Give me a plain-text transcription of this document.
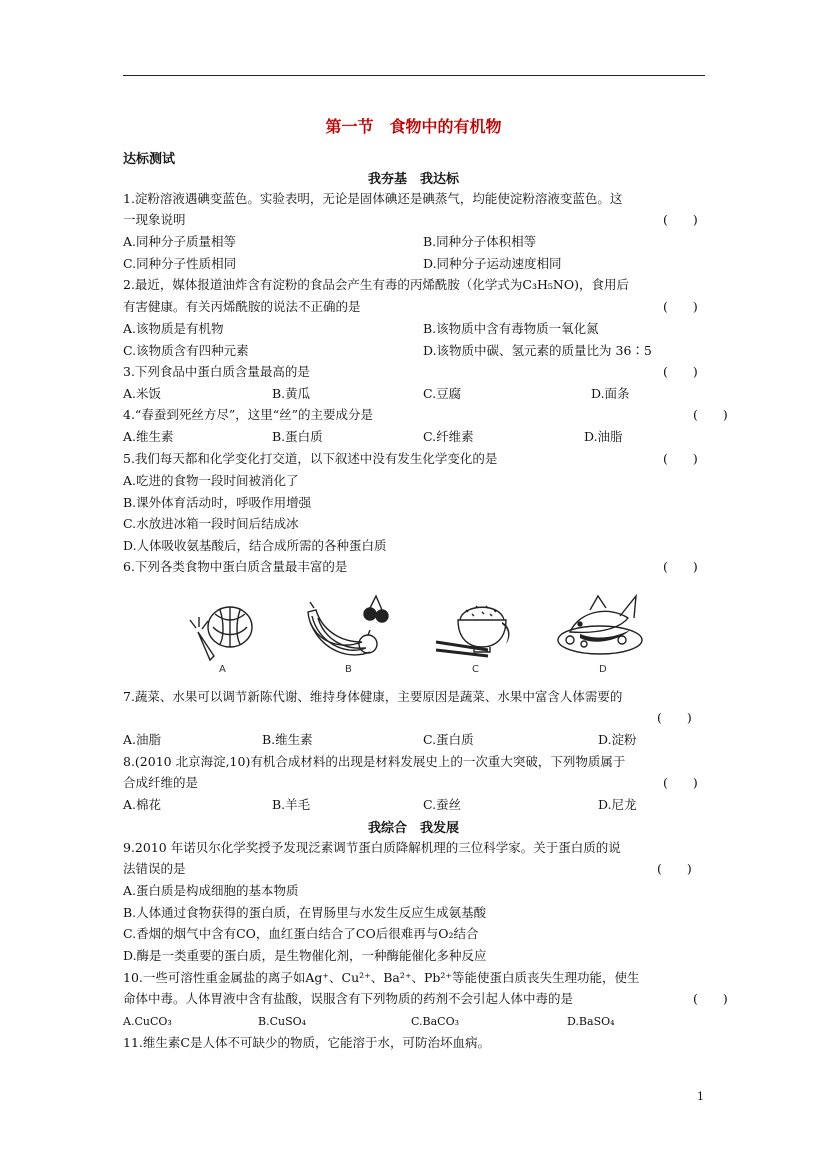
第一节　食物中的有机物
达标测试
我夯基　我达标
1.淀粉溶液遇碘变蓝色。实验表明，无论是固体碘还是碘蒸气，均能使淀粉溶液变蓝色。这
一现象说明	(　　)
A.同种分子质量相等	B.同种分子体积相等
C.同种分子性质相同	D.同种分子运动速度相同
2.最近，媒体报道油炸含有淀粉的食品会产生有毒的丙烯酰胺（化学式为C₃H₅NO)，食用后
有害健康。有关丙烯酰胺的说法不正确的是	(　　)
A.该物质是有机物	B.该物质中含有毒物质一氧化氮
C.该物质含有四种元素	D.该物质中碳、氢元素的质量比为 36∶5
3.下列食品中蛋白质含量最高的是	(　　)
A.米饭	B.黄瓜	C.豆腐	D.面条
4.“春蚕到死丝方尽”，这里“丝”的主要成分是	(　　)
A.维生素	B.蛋白质	C.纤维素	D.油脂
5.我们每天都和化学变化打交道，以下叙述中没有发生化学变化的是	(　　)
A.吃进的食物一段时间被消化了
B.课外体育活动时，呼吸作用增强
C.水放进冰箱一段时间后结成冰
D.人体吸收氨基酸后，结合成所需的各种蛋白质
6.下列各类食物中蛋白质含量最丰富的是	(　　)
A	B	C	D
7.蔬菜、水果可以调节新陈代谢、维持身体健康，主要原因是蔬菜、水果中富含人体需要的
(　　)
A.油脂	B.维生素	C.蛋白质	D.淀粉
8.(2010 北京海淀,10)有机合成材料的出现是材料发展史上的一次重大突破，下列物质属于
合成纤维的是	(　　)
A.棉花	B.羊毛	C.蚕丝	D.尼龙
我综合　我发展
9.2010 年诺贝尔化学奖授予发现泛素调节蛋白质降解机理的三位科学家。关于蛋白质的说
法错误的是	(　　)
A.蛋白质是构成细胞的基本物质
B.人体通过食物获得的蛋白质，在胃肠里与水发生反应生成氨基酸
C.香烟的烟气中含有CO，血红蛋白结合了CO后很难再与O₂结合
D.酶是一类重要的蛋白质，是生物催化剂，一种酶能催化多种反应
10.一些可溶性重金属盐的离子如Ag⁺、Cu²⁺、Ba²⁺、Pb²⁺等能使蛋白质丧失生理功能，使生
命体中毒。人体胃液中含有盐酸，误服含有下列物质的药剂不会引起人体中毒的是	(　　)
A.CuCO₃	B.CuSO₄	C.BaCO₃	D.BaSO₄
11.维生素C是人体不可缺少的物质，它能溶于水，可防治坏血病。
1
